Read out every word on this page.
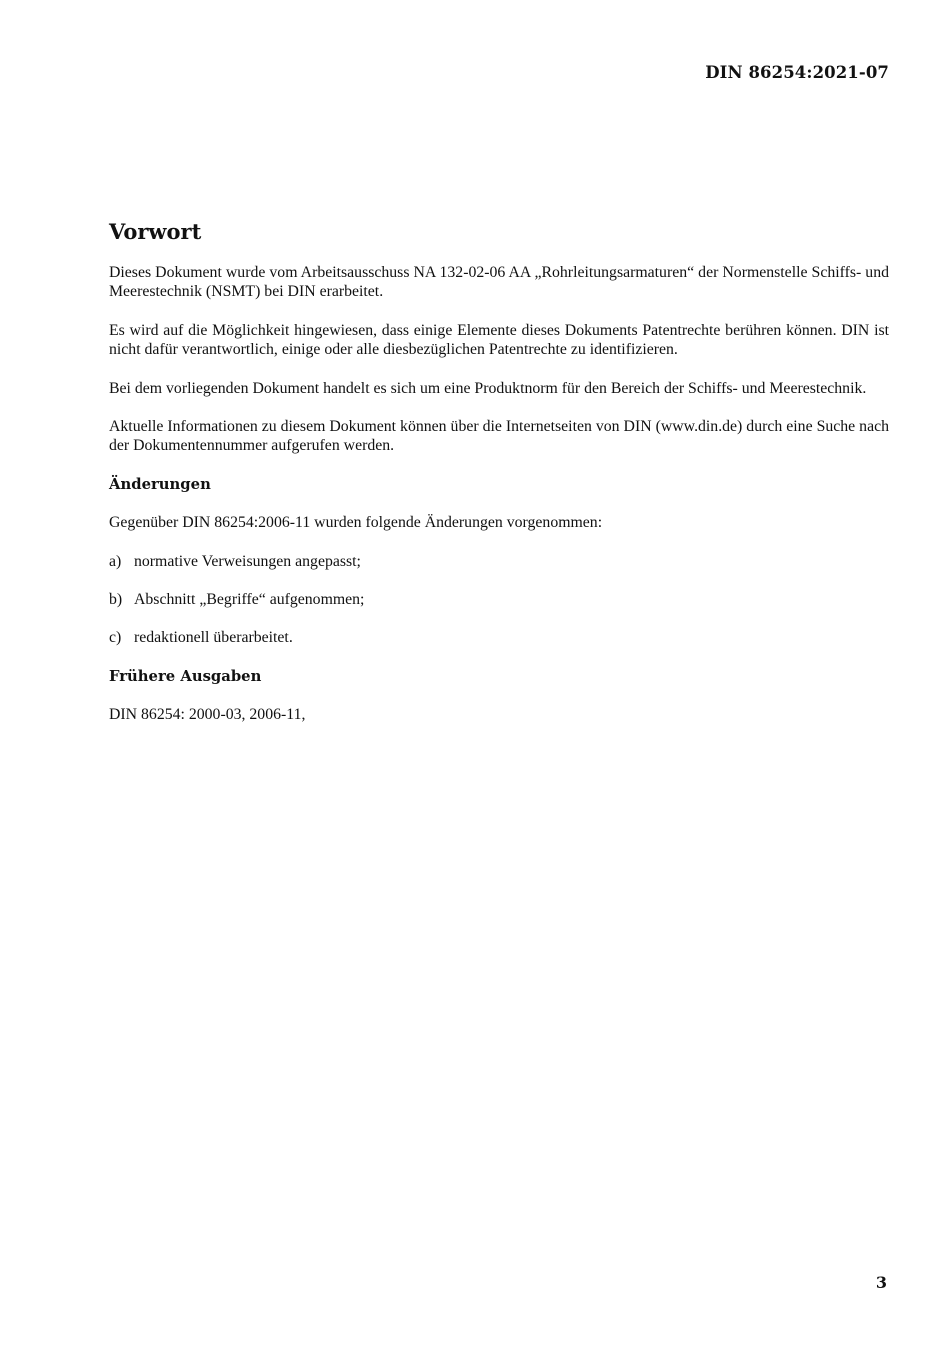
DIN 86254:2021-07
Vorwort

Dieses Dokument wurde vom Arbeitsausschuss NA 132-02-06 AA „Rohrleitungsarmaturen“ der Normenstelle Schiffs- und Meerestechnik (NSMT) bei DIN erarbeitet.

Es wird auf die Möglichkeit hingewiesen, dass einige Elemente dieses Dokuments Patentrechte berühren können. DIN ist nicht dafür verantwortlich, einige oder alle diesbezüglichen Patentrechte zu identifizieren.

Bei dem vorliegenden Dokument handelt es sich um eine Produktnorm für den Bereich der Schiffs- und Meerestechnik.

Aktuelle Informationen zu diesem Dokument können über die Internetseiten von DIN (www.din.de) durch eine Suche nach der Dokumentennummer aufgerufen werden.

Änderungen

Gegenüber DIN 86254:2006-11 wurden folgende Änderungen vorgenommen:

a) normative Verweisungen angepasst;
b) Abschnitt „Begriffe“ aufgenommen;
c) redaktionell überarbeitet.
Frühere Ausgaben

DIN 86254: 2000-03, 2006-11,

3
